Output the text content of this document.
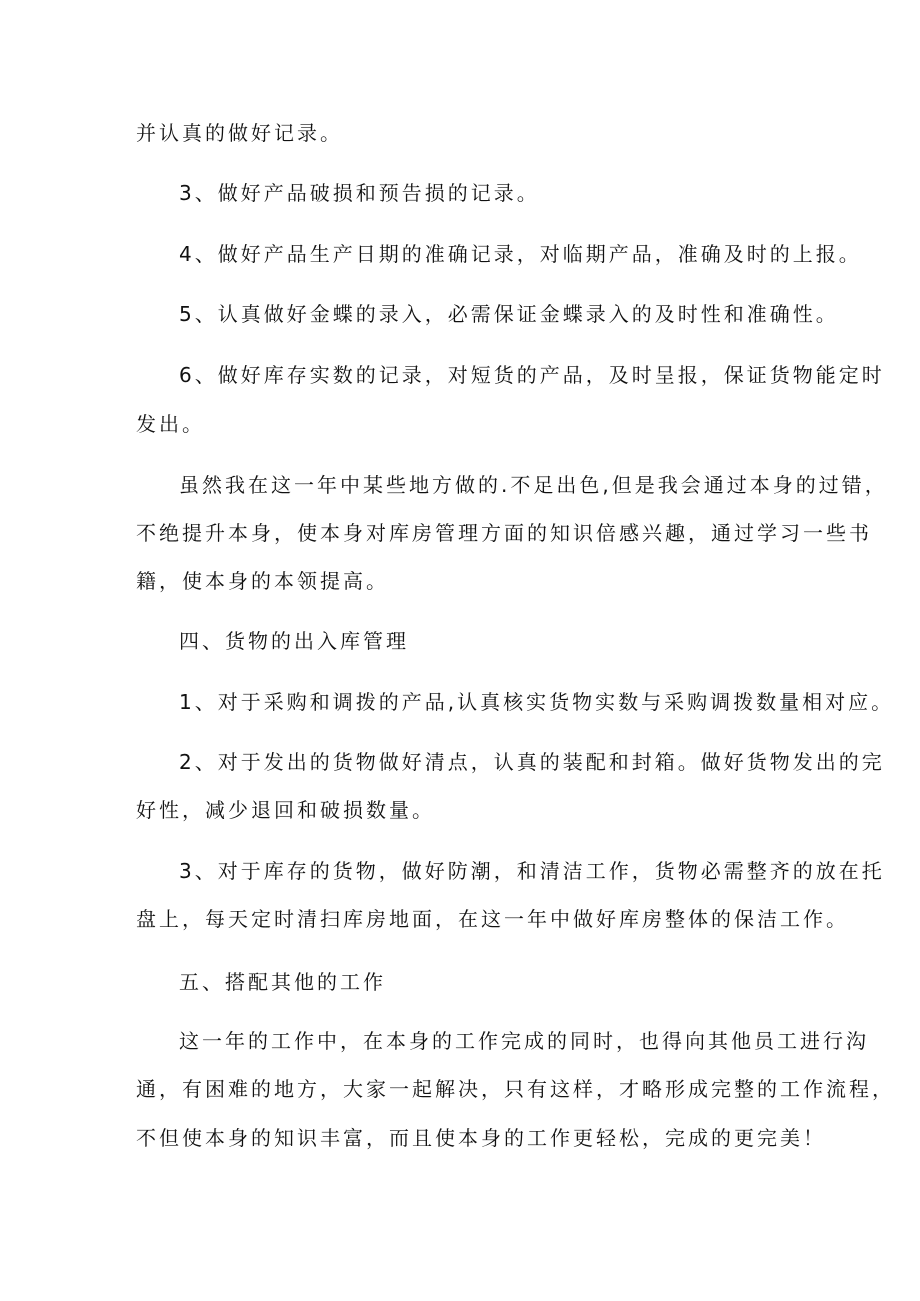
并认真的做好记录。
3、做好产品破损和预告损的记录。
4、做好产品生产日期的准确记录，对临期产品，准确及时的上报。
5、认真做好金蝶的录入，必需保证金蝶录入的及时性和准确性。
6、做好库存实数的记录，对短货的产品，及时呈报，保证货物能定时
发出。
虽然我在这一年中某些地方做的.不足出色,但是我会通过本身的过错，
不绝提升本身，使本身对库房管理方面的知识倍感兴趣，通过学习一些书
籍，使本身的本领提高。
四、货物的出入库管理
1、对于采购和调拨的产品,认真核实货物实数与采购调拨数量相对应。
2、对于发出的货物做好清点，认真的装配和封箱。做好货物发出的完
好性，减少退回和破损数量。
3、对于库存的货物，做好防潮，和清洁工作，货物必需整齐的放在托
盘上，每天定时清扫库房地面，在这一年中做好库房整体的保洁工作。
五、搭配其他的工作
这一年的工作中，在本身的工作完成的同时，也得向其他员工进行沟
通，有困难的地方，大家一起解决，只有这样，才略形成完整的工作流程，
不但使本身的知识丰富，而且使本身的工作更轻松，完成的更完美！
